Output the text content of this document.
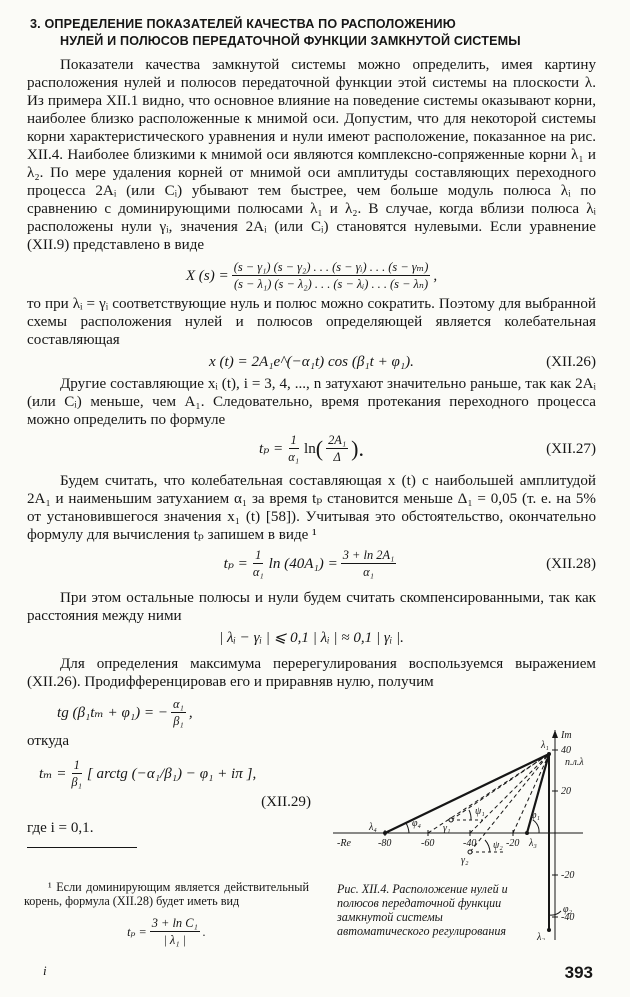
3. ОПРЕДЕЛЕНИЕ ПОКАЗАТЕЛЕЙ КАЧЕСТВА ПО РАСПОЛОЖЕНИЮ
НУЛЕЙ И ПОЛЮСОВ ПЕРЕДАТОЧНОЙ ФУНКЦИИ ЗАМКНУТОЙ СИСТЕМЫ

Показатели качества замкнутой системы можно определить, имея картину расположения нулей и полюсов передаточной функции этой системы на плоскости λ. Из примера XII.1 видно, что основное влияние на поведение системы оказывают корни, наиболее близко расположенные к мнимой оси. Допустим, что для некоторой системы корни характеристического уравнения и нули имеют расположение, показанное на рис. XII.4. Наиболее близкими к мнимой оси являются комплексно-сопряженные корни λ₁ и λ₂. По мере удаления корней от мнимой оси амплитуды составляющих переходного процесса 2Aᵢ (или Cᵢ) убывают тем быстрее, чем больше модуль полюса λᵢ по сравнению с доминирующими полюсами λ₁ и λ₂. В случае, когда вблизи полюса λᵢ расположены нули γᵢ, значения 2Aᵢ (или Cᵢ) становятся нулевыми. Если уравнение (XII.9) представлено в виде

X $(s) = \frac{\text{(s − γ₁) (s − γ₂) . . . (s − γᵢ) . . . (s − γₘ)}}{\text{(s − λ₁) (s − λ₂) . . . (s − λᵢ) . . . (s − λₙ)}}$ ,

то при λᵢ = γᵢ соответствующие нуль и полюс можно сократить. Поэтому для выбранной схемы расположения нулей и полюсов определяющей является колебательная составляющая

x (t) = 2A₁e^(−α₁t) cos (β₁t + φ₁).	(XII.26)

Другие составляющие xᵢ (t), i = 3, 4, ..., n затухают значительно раньше, так как 2Aᵢ (или Cᵢ) меньше, чем A₁. Следовательно, время протекания переходного процесса можно определить по формуле

$t_p = \frac{1}{\text{α₁}}$ ln ( $\frac{\text{2A₁}}{\Delta}$ ).	(XII.27)

Будем считать, что колебательная составляющая x (t) с наибольшей амплитудой 2A₁ и наименьшим затуханием α₁ за время tₚ становится меньше Δ₁ = 0,05 (т. е. на 5% от установившегося значения x₁ (t) [58]). Учитывая это обстоятельство, окончательно формулу для вычисления tₚ запишем в виде ¹

$t_p = \frac{1}{\text{α₁}}$ $\ln (40A_1) = \frac{\text{3 + ln 2A₁}}{\text{α₁}}$	(XII.28)

При этом остальные полюсы и нули будем считать скомпенсированными, так как расстояния между ними

| λᵢ − γᵢ | ⩽ 0,1 | λᵢ | ≈ 0,1 | γᵢ |.

Для определения максимума перерегулирования воспользуемся выражением (XII.26). Продифференцировав его и приравняв нулю, получим

tg (β₁tₘ + φ₁) = − $\frac{\text{α₁}}{\text{β₁}}$ ,
откуда
$t_m = \frac{1}{\text{β₁}}$ [ arctg (−α₁/β₁) − φ₁ + iπ ],
(XII.29)
где i = 0,1.
Im
n.л.λ
-Re	-80	-60	-40	-20
40
20
-20
-40
λ₁
λ₂
λ₃
λ₄	γ₁
γ₂
ψ₁
ψ₂
φ₁
φ₂
φ₄

¹ Если доминирующим является действительный корень, формула (XII.28) будет иметь вид

$t_p = \frac{\text{3 + ln C₁}}{\text{| λ₁ |}}$ .
Рис. XII.4. Расположение нулей и полюсов передаточной функции замкнутой системы автоматического регулирования
i	393
